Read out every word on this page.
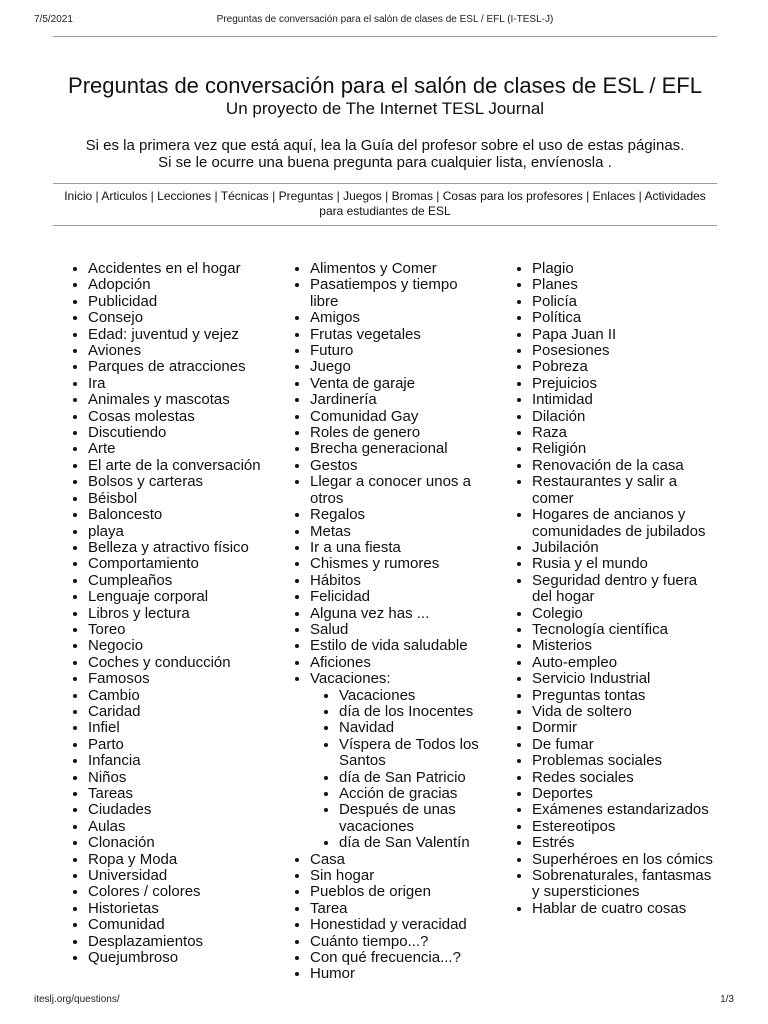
7/5/2021	Preguntas de conversación para el salón de clases de ESL / EFL (I-TESL-J)
Preguntas de conversación para el salón de clases de ESL / EFL
Un proyecto de The Internet TESL Journal
Si es la primera vez que está aquí, lea la Guía del profesor sobre el uso de estas páginas.
Si se le ocurre una buena pregunta para cualquier lista, envíenosla .
Inicio | Articulos | Lecciones | Técnicas | Preguntas | Juegos | Bromas | Cosas para los profesores | Enlaces | Actividades para estudiantes de ESL
• Accidentes en el hogar
• Adopción
• Publicidad
• Consejo
• Edad: juventud y vejez
• Aviones
• Parques de atracciones
• Ira
• Animales y mascotas
• Cosas molestas
• Discutiendo
• Arte
• El arte de la conversación
• Bolsos y carteras
• Béisbol
• Baloncesto
• playa
• Belleza y atractivo físico
• Comportamiento
• Cumpleaños
• Lenguaje corporal
• Libros y lectura
• Toreo
• Negocio
• Coches y conducción
• Famosos
• Cambio
• Caridad
• Infiel
• Parto
• Infancia
• Niños
• Tareas
• Ciudades
• Aulas
• Clonación
• Ropa y Moda
• Universidad
• Colores / colores
• Historietas
• Comunidad
• Desplazamientos
• Quejumbroso
• Alimentos y Comer
• Pasatiempos y tiempo libre
• Amigos
• Frutas vegetales
• Futuro
• Juego
• Venta de garaje
• Jardinería
• Comunidad Gay
• Roles de genero
• Brecha generacional
• Gestos
• Llegar a conocer unos a otros
• Regalos
• Metas
• Ir a una fiesta
• Chismes y rumores
• Hábitos
• Felicidad
• Alguna vez has ...
• Salud
• Estilo de vida saludable
• Aficiones
• Vacaciones:
• Vacaciones
• día de los Inocentes
• Navidad
• Víspera de Todos los Santos
• día de San Patricio
• Acción de gracias
• Después de unas vacaciones
• día de San Valentín
• Casa
• Sin hogar
• Pueblos de origen
• Tarea
• Honestidad y veracidad
• Cuánto tiempo...?
• Con qué frecuencia...?
• Humor
• Plagio
• Planes
• Policía
• Política
• Papa Juan II
• Posesiones
• Pobreza
• Prejuicios
• Intimidad
• Dilación
• Raza
• Religión
• Renovación de la casa
• Restaurantes y salir a comer
• Hogares de ancianos y comunidades de jubilados
• Jubilación
• Rusia y el mundo
• Seguridad dentro y fuera del hogar
• Colegio
• Tecnología científica
• Misterios
• Auto-empleo
• Servicio Industrial
• Preguntas tontas
• Vida de soltero
• Dormir
• De fumar
• Problemas sociales
• Redes sociales
• Deportes
• Exámenes estandarizados
• Estereotipos
• Estrés
• Superhéroes en los cómics
• Sobrenaturales, fantasmas y supersticiones
• Hablar de cuatro cosas
iteslj.org/questions/	1/3
